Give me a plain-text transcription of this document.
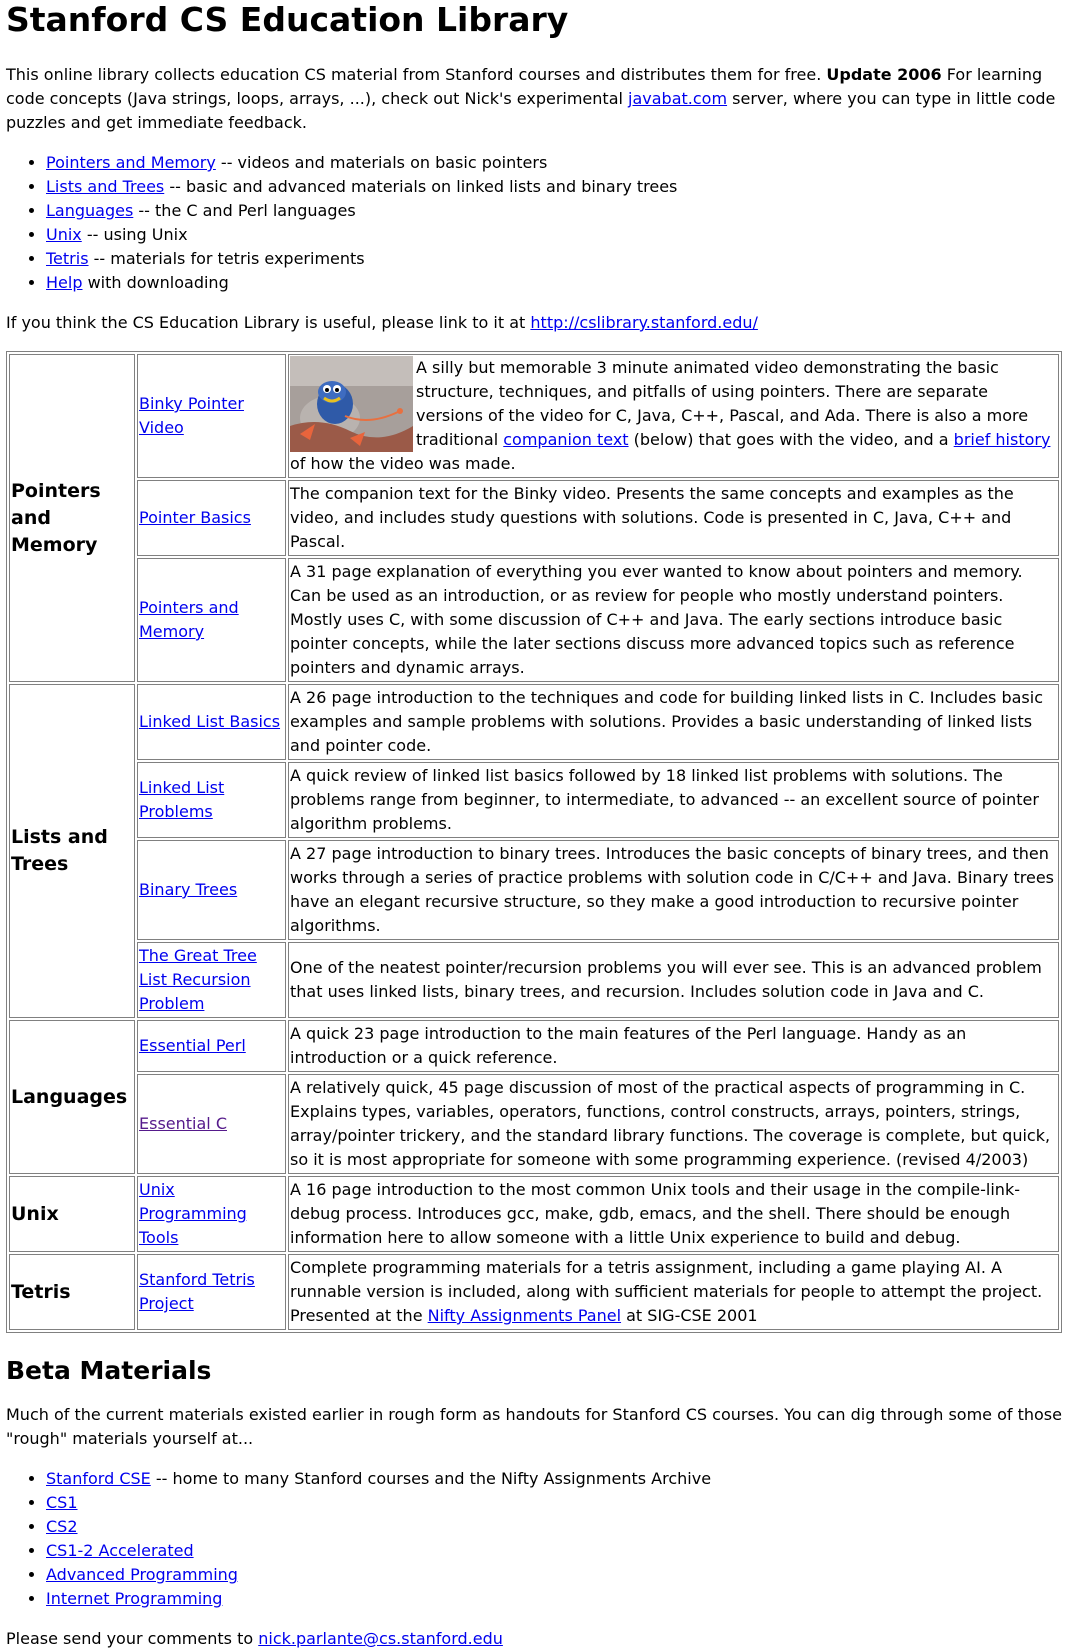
Stanford CS Education Library

This online library collects education CS material from Stanford courses and distributes them for free. Update 2006 For learning code concepts (Java strings, loops, arrays, ...), check out Nick's experimental javabat.com server, where you can type in little code puzzles and get immediate feedback.

• Pointers and Memory -- videos and materials on basic pointers
• Lists and Trees -- basic and advanced materials on linked lists and binary trees
• Languages -- the C and Perl languages
• Unix -- using Unix
• Tetris -- materials for tetris experiments
• Help with downloading

If you think the CS Education Library is useful, please link to it at http://cslibrary.stanford.edu/

Pointers and Memory	Binky Pointer Video	A silly but memorable 3 minute animated video demonstrating the basic structure, techniques, and pitfalls of using pointers. There are separate versions of the video for C, Java, C++, Pascal, and Ada. There is also a more traditional companion text (below) that goes with the video, and a brief history of how the video was made.
	Pointer Basics	The companion text for the Binky video. Presents the same concepts and examples as the video, and includes study questions with solutions. Code is presented in C, Java, C++ and Pascal.
	Pointers and Memory	A 31 page explanation of everything you ever wanted to know about pointers and memory. Can be used as an introduction, or as review for people who mostly understand pointers. Mostly uses C, with some discussion of C++ and Java. The early sections introduce basic pointer concepts, while the later sections discuss more advanced topics such as reference pointers and dynamic arrays.
Lists and Trees	Linked List Basics	A 26 page introduction to the techniques and code for building linked lists in C. Includes basic examples and sample problems with solutions. Provides a basic understanding of linked lists and pointer code.
	Linked List Problems	A quick review of linked list basics followed by 18 linked list problems with solutions. The problems range from beginner, to intermediate, to advanced -- an excellent source of pointer algorithm problems.
	Binary Trees	A 27 page introduction to binary trees. Introduces the basic concepts of binary trees, and then works through a series of practice problems with solution code in C/C++ and Java. Binary trees have an elegant recursive structure, so they make a good introduction to recursive pointer algorithms.
	The Great Tree List Recursion Problem	One of the neatest pointer/recursion problems you will ever see. This is an advanced problem that uses linked lists, binary trees, and recursion. Includes solution code in Java and C.
Languages	Essential Perl	A quick 23 page introduction to the main features of the Perl language. Handy as an introduction or a quick reference.
	Essential C	A relatively quick, 45 page discussion of most of the practical aspects of programming in C. Explains types, variables, operators, functions, control constructs, arrays, pointers, strings, array/pointer trickery, and the standard library functions. The coverage is complete, but quick, so it is most appropriate for someone with some programming experience. (revised 4/2003)
Unix	Unix Programming Tools	A 16 page introduction to the most common Unix tools and their usage in the compile-link-debug process. Introduces gcc, make, gdb, emacs, and the shell. There should be enough information here to allow someone with a little Unix experience to build and debug.
Tetris	Stanford Tetris Project	Complete programming materials for a tetris assignment, including a game playing AI. A runnable version is included, along with sufficient materials for people to attempt the project. Presented at the Nifty Assignments Panel at SIG-CSE 2001
Beta Materials

Much of the current materials existed earlier in rough form as handouts for Stanford CS courses. You can dig through some of those "rough" materials yourself at...

• Stanford CSE -- home to many Stanford courses and the Nifty Assignments Archive
• CS1
• CS2
• CS1-2 Accelerated
• Advanced Programming
• Internet Programming

Please send your comments to nick.parlante@cs.stanford.edu
